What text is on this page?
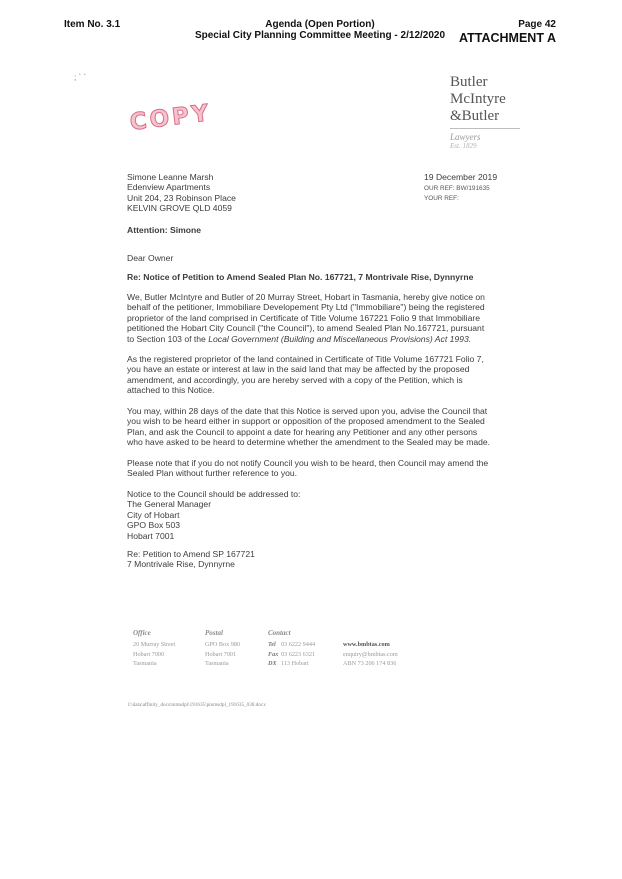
Item No. 3.1	Agenda (Open Portion)
Special City Planning Committee Meeting - 2/12/2020
Page 42
ATTACHMENT A
; ` `	Butler
McIntyre
&Butler
Lawyers
Est. 1829
COPY
Simone Leanne Marsh
Edenview Apartments
Unit 204, 23 Robinson Place
KELVIN GROVE QLD 4059
19 December 2019
OUR REF: BW/191635
YOUR REF:
Attention: Simone
Dear Owner
Re: Notice of Petition to Amend Sealed Plan No. 167721, 7 Montrivale Rise, Dynnyrne
We, Butler McIntyre and Butler of 20 Murray Street, Hobart in Tasmania, hereby give notice on
behalf of the petitioner, Immobiliare Developement Pty Ltd ("Immobiliare") being the registered
proprietor of the land comprised in Certificate of Title Volume 167221 Folio 9 that Immobiliare
petitioned the Hobart City Council ("the Council"), to amend Sealed Plan No.167721, pursuant
to Section 103 of the Local Government (Building and Miscellaneous Provisions) Act 1993.
As the registered proprietor of the land contained in Certificate of Title Volume 167721 Folio 7,
you have an estate or interest at law in the said land that may be affected by the proposed
amendment, and accordingly, you are hereby served with a copy of the Petition, which is
attached to this Notice.
You may, within 28 days of the date that this Notice is served upon you, advise the Council that
you wish to be heard either in support or opposition of the proposed amendment to the Sealed
Plan, and ask the Council to appoint a date for hearing any Petitioner and any other persons
who have asked to be heard to determine whether the amendment to the Sealed may be made.
Please note that if you do not notify Council you wish to be heard, then Council may amend the
Sealed Plan without further reference to you.
Notice to the Council should be addressed to:
The General Manager
City of Hobart
GPO Box 503
Hobart 7001
Re: Petition to Amend SP 167721
7 Montrivale Rise, Dynnyrne
Office
20 Murray Street
Hobart 7000
Tasmania
Postal
GPO Box 980
Hobart 7001
Tasmania
Contact
Tel 03 6222 9444
Fax 03 6223 6321
DX 113 Hobart
www.bmbtas.com
enquiry@bmbtas.com
ABN 73 206 174 836
I:\data\affinity_docs\mmsdpl\191635\pinmsdpl_191635_038.docx
